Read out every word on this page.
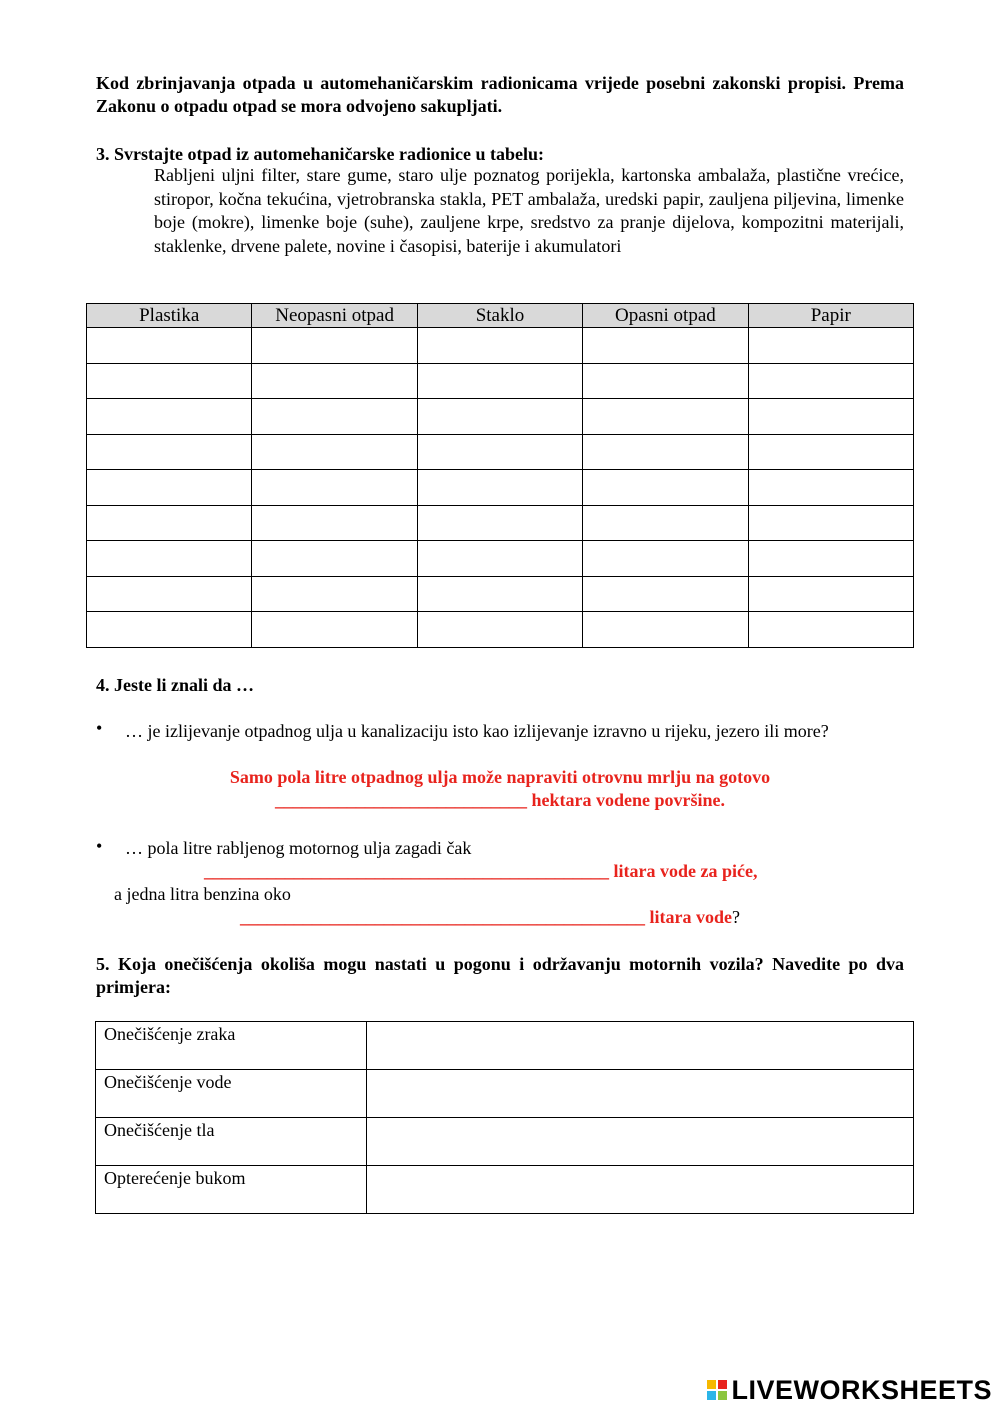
Kod zbrinjavanja otpada u automehaničarskim radionicama vrijede posebni zakonski propisi. Prema Zakonu o otpadu otpad se mora odvojeno sakupljati.
3. Svrstajte otpad iz automehaničarske radionice u tabelu:
Rabljeni uljni filter, stare gume, staro ulje poznatog porijekla, kartonska ambalaža, plastične vrećice, stiropor, kočna tekućina, vjetrobranska stakla, PET ambalaža, uredski papir, zauljena piljevina, limenke boje (mokre), limenke boje (suhe), zauljene krpe, sredstvo za pranje dijelova, kompozitni materijali, staklenke, drvene palete, novine i časopisi, baterije i akumulatori
Plastika	Neopasni otpad	Staklo	Opasni otpad	Papir

4. Jeste li znali da …
• … je izlijevanje otpadnog ulja u kanalizaciju isto kao izlijevanje izravno u rijeku, jezero ili more?
Samo pola litre otpadnog ulja može napraviti otrovnu mrlju na gotovo
____________________________ hektara vodene površine.
• … pola litre rabljenog motornog ulja zagadi čak
_____________________________________________ litara vode za piće,
a jedna litra benzina oko
_____________________________________________ litara vode?
5. Koja onečišćenja okoliša mogu nastati u pogonu i održavanju motornih vozila? Navedite po dva primjera:
Onečišćenje zraka	
Onečišćenje vode	
Onečišćenje tla	
Opterećenje bukom	
LIVEWORKSHEETS
